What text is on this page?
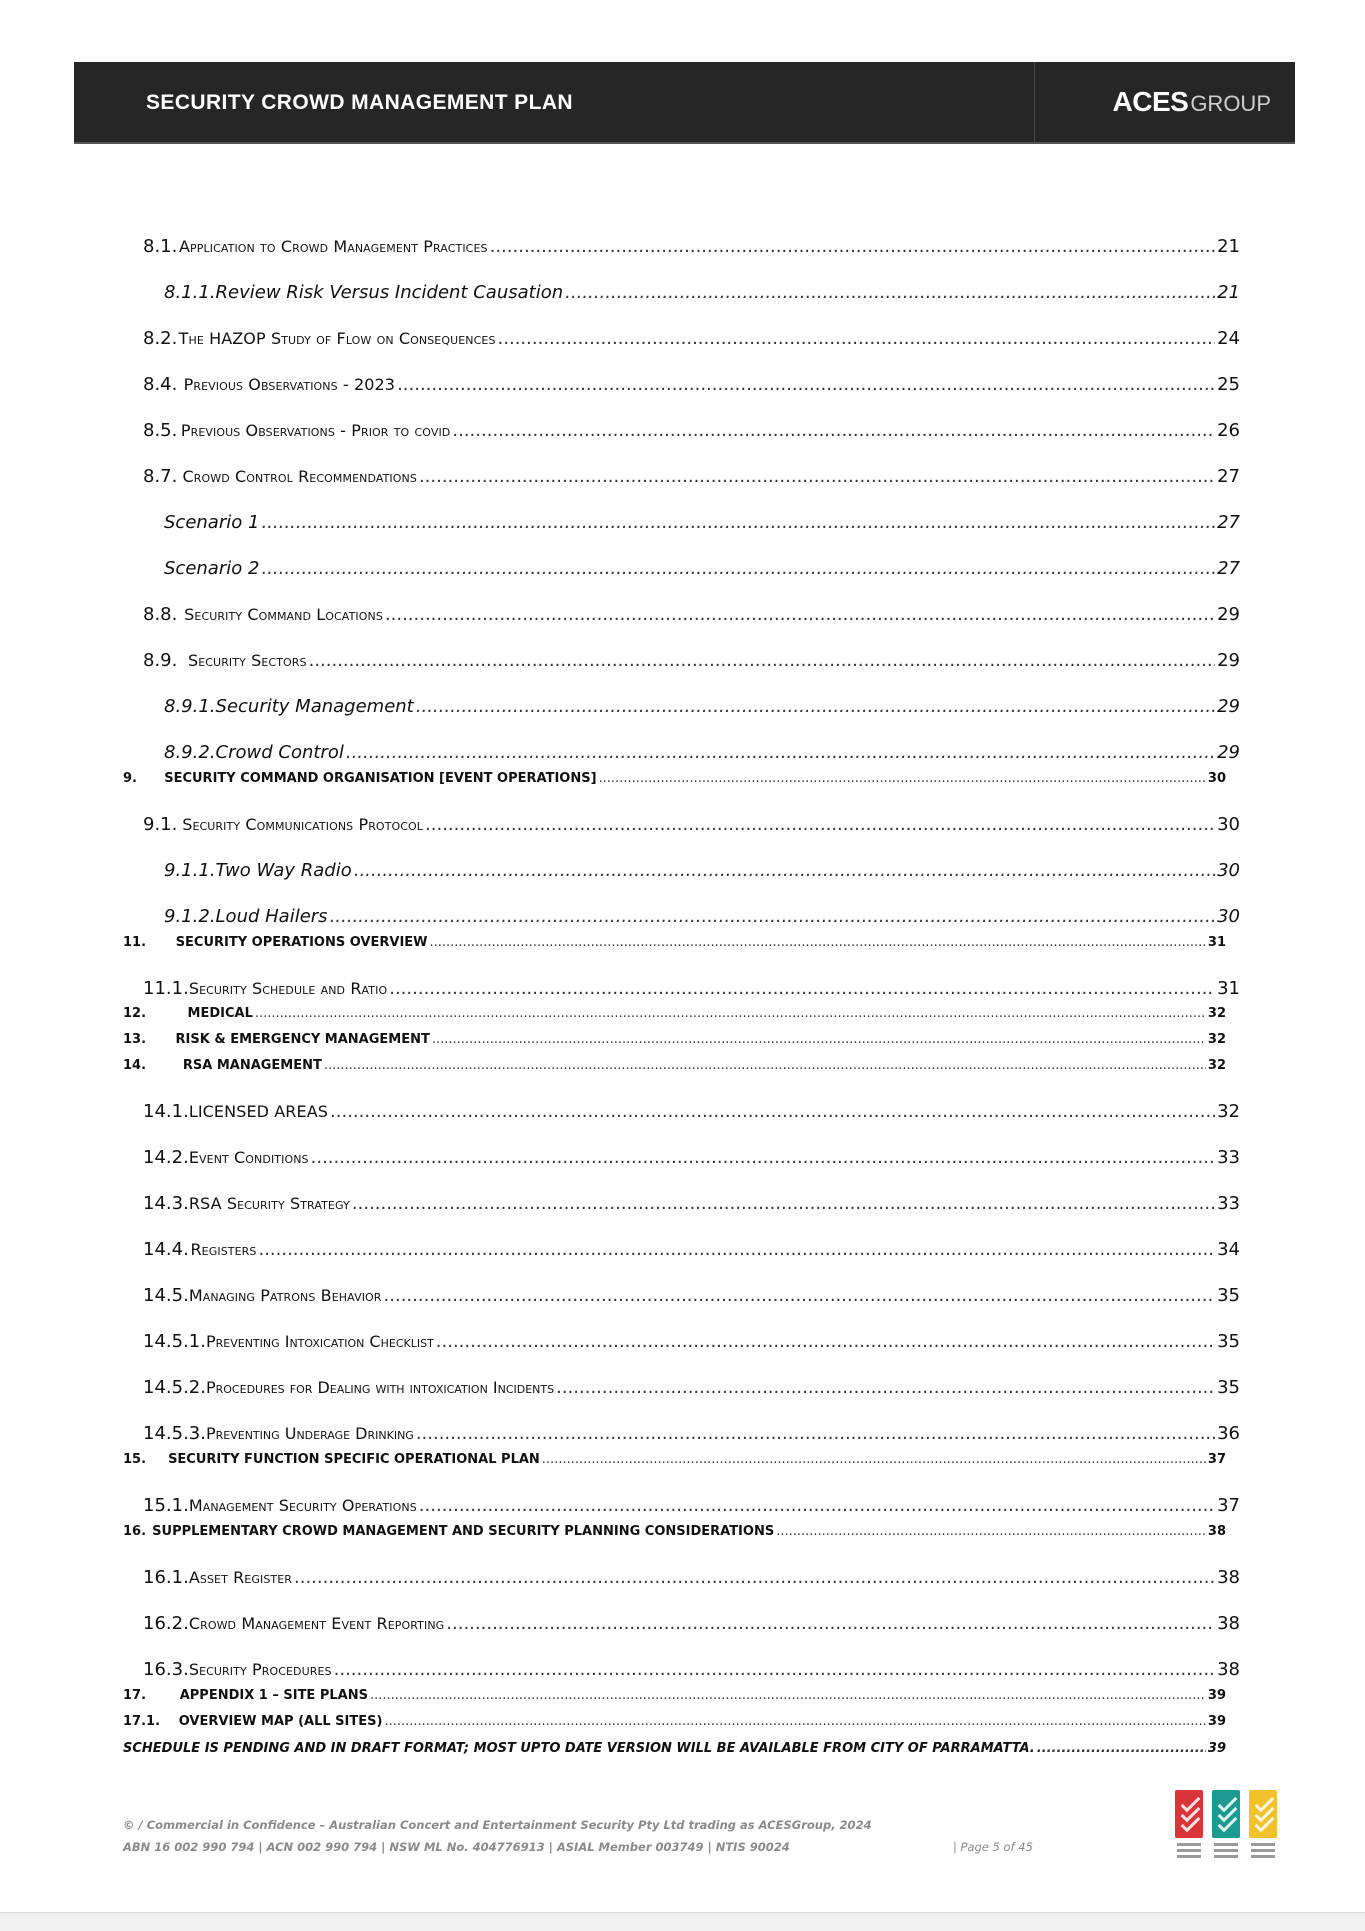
SECURITY CROWD MANAGEMENT PLAN	ACESGROUP
8.1. Application to Crowd Management Practices .....	21
8.1.1. Review Risk Versus Incident Causation .....	21
8.2. The HAZOP Study of Flow on Consequences .....	24
8.4. Previous Observations - 2023 .....	25
8.5. Previous Observations - Prior to covid .....	26
8.7. Crowd Control Recommendations .....	27
Scenario 1 .....	27
Scenario 2 .....	27
8.8. Security Command Locations .....	29
8.9. Security Sectors .....	29
8.9.1. Security Management .....	29
8.9.2. Crowd Control .....	29
9.	SECURITY COMMAND ORGANISATION [EVENT OPERATIONS] .....	30
9.1. Security Communications Protocol .....	30
9.1.1. Two Way Radio .....	30
9.1.2. Loud Hailers .....	30
11.	SECURITY OPERATIONS OVERVIEW .....	31
11.1. Security Schedule and Ratio .....	31
12.	MEDICAL .....	32
13.	RISK & EMERGENCY MANAGEMENT .....	32
14.	RSA MANAGEMENT .....	32
14.1. LICENSED AREAS .....	32
14.2. Event Conditions .....	33
14.3. RSA Security Strategy .....	33
14.4. Registers .....	34
14.5. Managing Patrons Behavior .....	35
14.5.1. Preventing Intoxication Checklist .....	35
14.5.2. Procedures for Dealing with intoxication Incidents .....	35
14.5.3. Preventing Underage Drinking .....	36
15.	SECURITY FUNCTION SPECIFIC OPERATIONAL PLAN .....	37
15.1. Management Security Operations .....	37
16. SUPPLEMENTARY CROWD MANAGEMENT AND SECURITY PLANNING CONSIDERATIONS .....	38
16.1. Asset Register .....	38
16.2. Crowd Management Event Reporting .....	38
16.3. Security Procedures .....	38
17.	APPENDIX 1 – SITE PLANS .....	39
17.1.	OVERVIEW MAP (ALL SITES) .....	39
SCHEDULE IS PENDING AND IN DRAFT FORMAT; MOST UPTO DATE VERSION WILL BE AVAILABLE FROM CITY OF PARRAMATTA. .....	39
© / Commercial in Confidence – Australian Concert and Entertainment Security Pty Ltd trading as ACESGroup, 2024
ABN 16 002 990 794 | ACN 002 990 794 | NSW ML No. 404776913 | ASIAL Member 003749 | NTIS 90024	| Page 5 of 45
